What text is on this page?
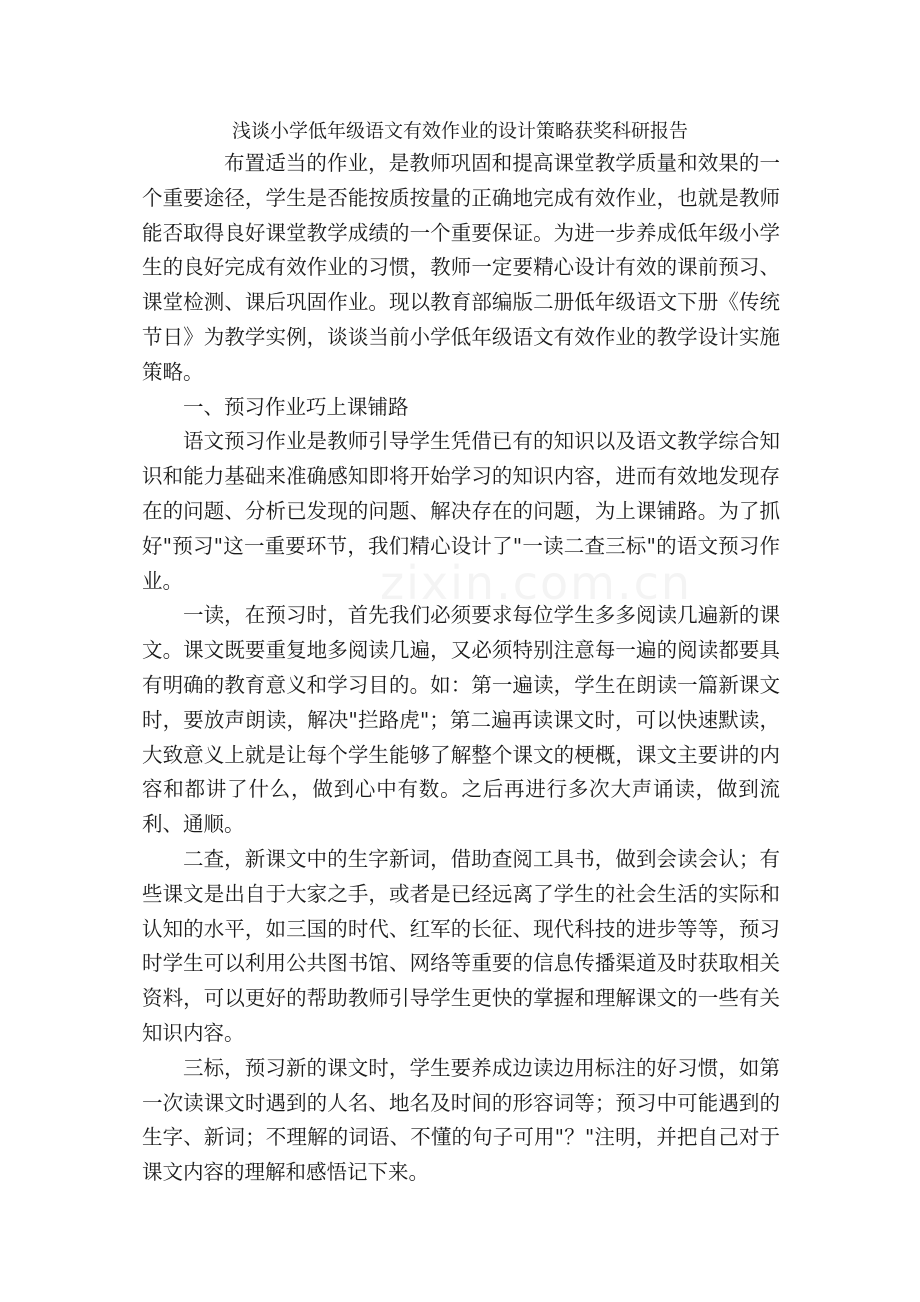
浅谈小学低年级语文有效作业的设计策略获奖科研报告

布置适当的作业，是教师巩固和提高课堂教学质量和效果的一个重要途径，学生是否能按质按量的正确地完成有效作业，也就是教师能否取得良好课堂教学成绩的一个重要保证。为进一步养成低年级小学生的良好完成有效作业的习惯，教师一定要精心设计有效的课前预习、课堂检测、课后巩固作业。现以教育部编版二册低年级语文下册《传统节日》为教学实例，谈谈当前小学低年级语文有效作业的教学设计实施策略。

一、预习作业巧上课铺路

语文预习作业是教师引导学生凭借已有的知识以及语文教学综合知识和能力基础来准确感知即将开始学习的知识内容，进而有效地发现存在的问题、分析已发现的问题、解决存在的问题，为上课铺路。为了抓好"预习"这一重要环节，我们精心设计了"一读二查三标"的语文预习作业。

一读，在预习时，首先我们必须要求每位学生多多阅读几遍新的课文。课文既要重复地多阅读几遍，又必须特别注意每一遍的阅读都要具有明确的教育意义和学习目的。如：第一遍读，学生在朗读一篇新课文时，要放声朗读，解决"拦路虎"；第二遍再读课文时，可以快速默读，大致意义上就是让每个学生能够了解整个课文的梗概，课文主要讲的内容和都讲了什么，做到心中有数。之后再进行多次大声诵读，做到流利、通顺。

二查，新课文中的生字新词，借助查阅工具书，做到会读会认；有些课文是出自于大家之手，或者是已经远离了学生的社会生活的实际和认知的水平，如三国的时代、红军的长征、现代科技的进步等等，预习时学生可以利用公共图书馆、网络等重要的信息传播渠道及时获取相关资料，可以更好的帮助教师引导学生更快的掌握和理解课文的一些有关知识内容。

三标，预习新的课文时，学生要养成边读边用标注的好习惯，如第一次读课文时遇到的人名、地名及时间的形容词等；预习中可能遇到的生字、新词；不理解的词语、不懂的句子可用"？"注明，并把自己对于课文内容的理解和感悟记下来。

zixin.com.cn
